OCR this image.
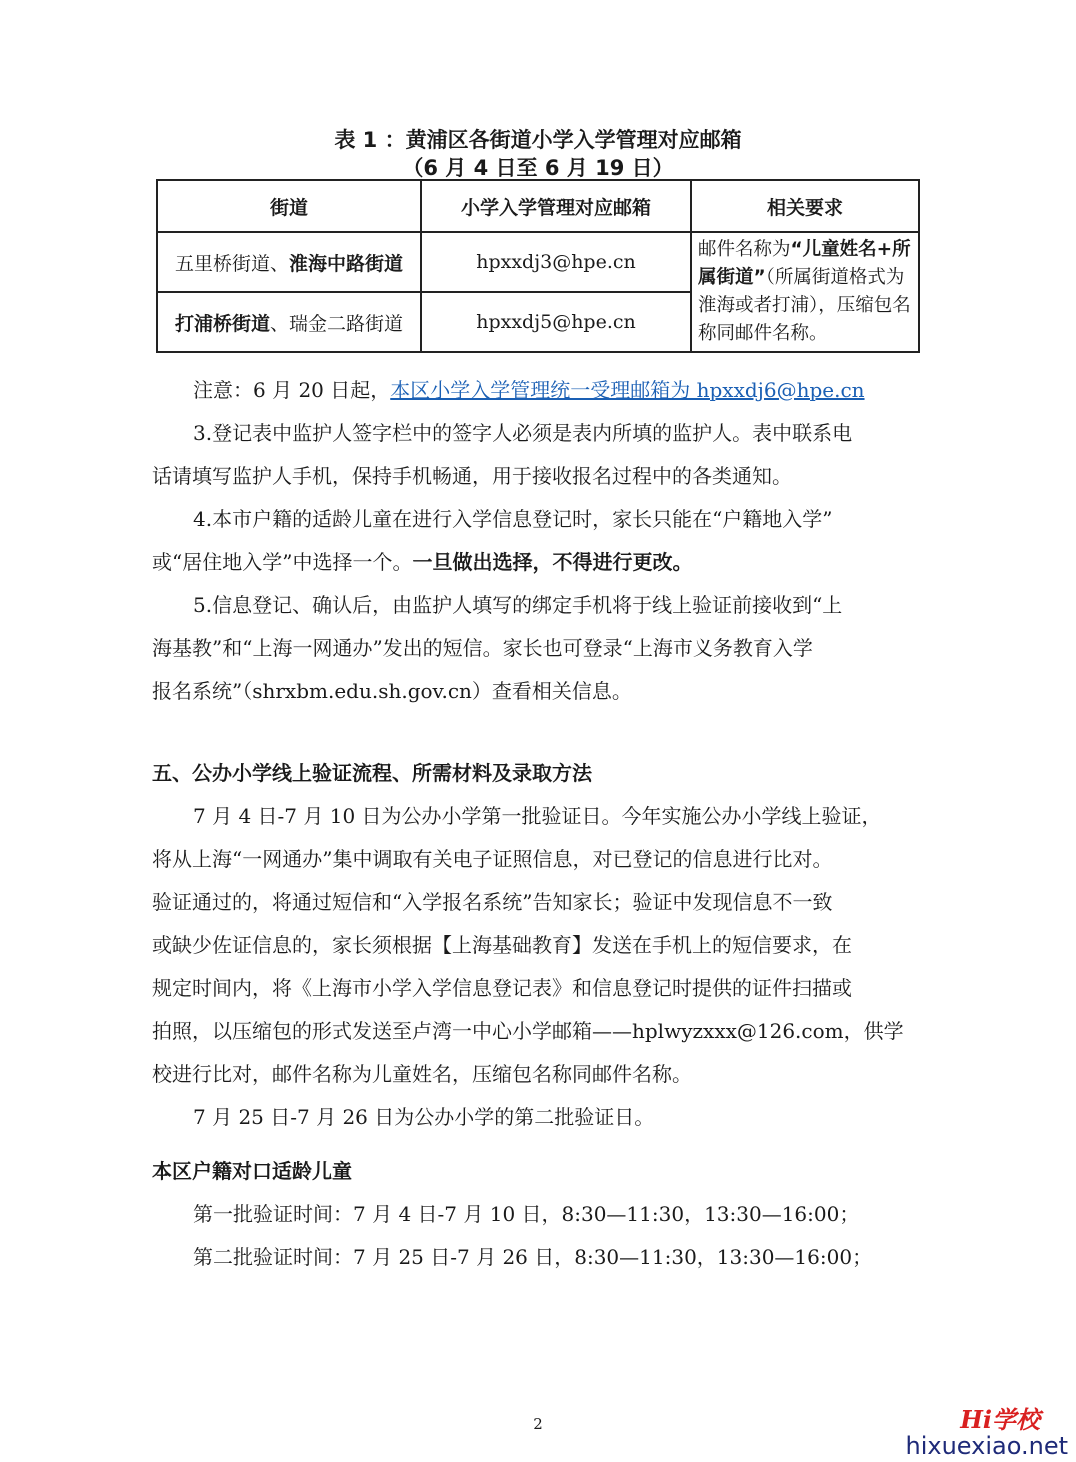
表 1 ：黄浦区各街道小学入学管理对应邮箱
（6 月 4 日至 6 月 19 日）
街道	小学入学管理对应邮箱	相关要求
五里桥街道、淮海中路街道	hpxxdj3@hpe.cn	邮件名称为“儿童姓名+所属街道”（所属街道格式为淮海或者打浦），压缩包名称同邮件名称。
打浦桥街道、瑞金二路街道	hpxxdj5@hpe.cn	
注意：6 月 20 日起，本区小学入学管理统一受理邮箱为 hpxxdj6@hpe.cn
3.登记表中监护人签字栏中的签字人必须是表内所填的监护人。表中联系电
话请填写监护人手机，保持手机畅通，用于接收报名过程中的各类通知。
4.本市户籍的适龄儿童在进行入学信息登记时，家长只能在“户籍地入学”
或“居住地入学”中选择一个。一旦做出选择，不得进行更改。
5.信息登记、确认后，由监护人填写的绑定手机将于线上验证前接收到“上
海基教”和“上海一网通办”发出的短信。家长也可登录“上海市义务教育入学
报名系统”（shrxbm.edu.sh.gov.cn）查看相关信息。
五、公办小学线上验证流程、所需材料及录取方法
7 月 4 日-7 月 10 日为公办小学第一批验证日。今年实施公办小学线上验证，
将从上海“一网通办”集中调取有关电子证照信息，对已登记的信息进行比对。
验证通过的，将通过短信和“入学报名系统”告知家长；验证中发现信息不一致
或缺少佐证信息的，家长须根据【上海基础教育】发送在手机上的短信要求，在
规定时间内，将《上海市小学入学信息登记表》和信息登记时提供的证件扫描或
拍照，以压缩包的形式发送至卢湾一中心小学邮箱——hplwyzxxx@126.com，供学
校进行比对，邮件名称为儿童姓名，压缩包名称同邮件名称。
7 月 25 日-7 月 26 日为公办小学的第二批验证日。
本区户籍对口适龄儿童
第一批验证时间：7 月 4 日-7 月 10 日，8:30—11:30，13:30—16:00；
第二批验证时间：7 月 25 日-7 月 26 日，8:30—11:30，13:30—16:00；
2	Hi学校
hixuexiao.net
